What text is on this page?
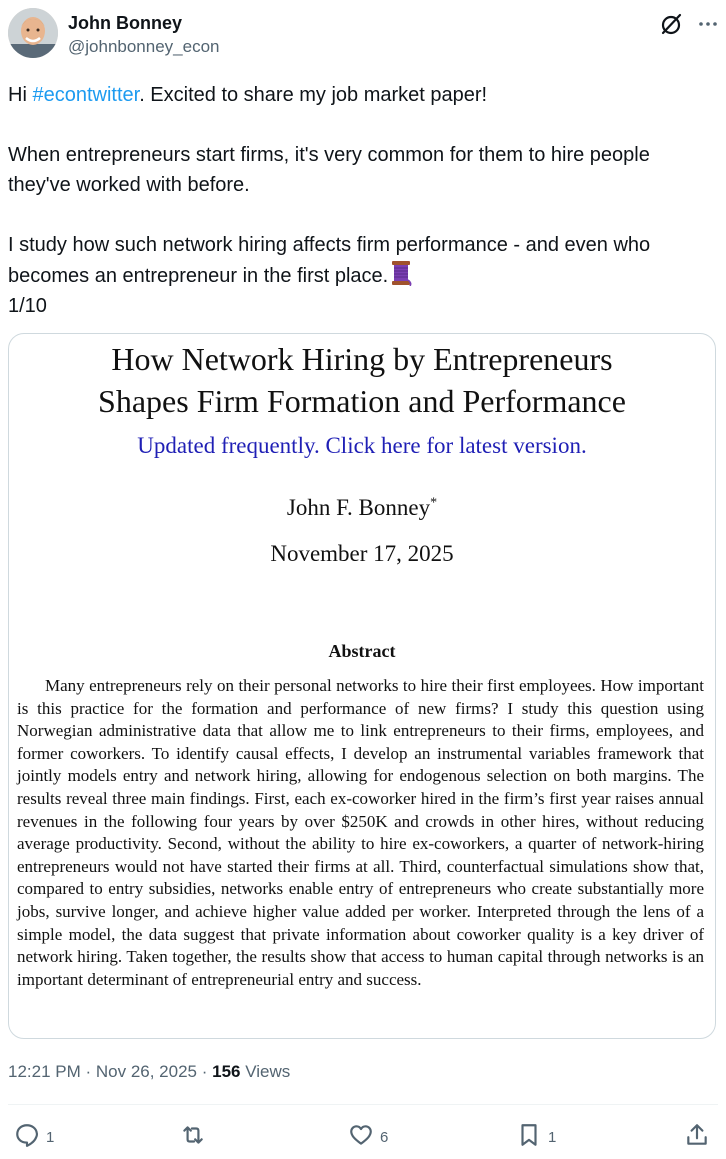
John Bonney
@johnbonney_econ

Hi #econtwitter. Excited to share my job market paper!

When entrepreneurs start firms, it's very common for them to hire people

they've worked with before.

I study how such network hiring affects firm performance - and even who

becomes an entrepreneur in the first place.

1/10

How Network Hiring by Entrepreneurs
Shapes Firm Formation and Performance
Updated frequently. Click here for latest version.
John F. Bonney*
November 17, 2025
Abstract
Many entrepreneurs rely on their personal networks to hire their first employees. How important is this practice for the formation and performance of new firms? I study this question using Norwegian administrative data that allow me to link entrepreneurs to their firms, employees, and former coworkers. To identify causal effects, I develop an instrumental variables framework that jointly models entry and network hiring, allowing for endogenous selection on both margins. The results reveal three main findings. First, each ex-coworker hired in the firm’s first year raises annual revenues in the following four years by over $250K and crowds in other hires, without reducing average productivity. Second, without the ability to hire ex-coworkers, a quarter of network-hiring entrepreneurs would not have started their firms at all. Third, counterfactual simulations show that, compared to entry subsidies, networks enable entry of entrepreneurs who create substantially more jobs, survive longer, and achieve higher value added per worker. Interpreted through the lens of a simple model, the data suggest that private information about coworker quality is a key driver of network hiring. Taken together, the results show that access to human capital through networks is an important determinant of entrepreneurial entry and success.
12:21 PM · Nov 26, 2025 · 156 Views
1	6	1
